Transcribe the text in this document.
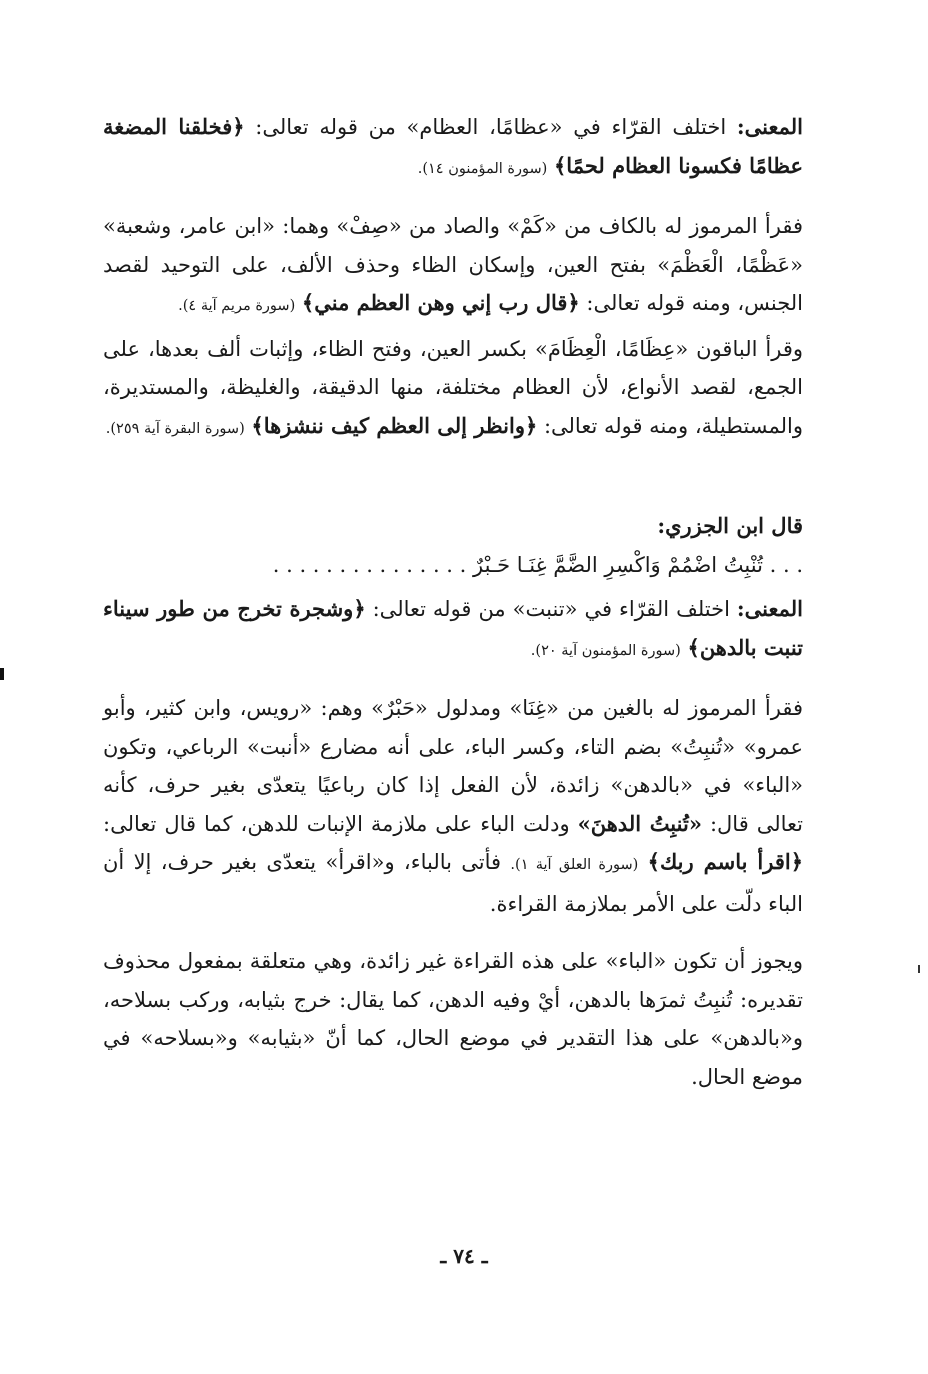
المعنى: اختلف القرّاء في «عظامًا، العظام» من قوله تعالى: ﴿فخلقنا المضغة عظامًا فكسونا العظام لحمًا﴾ (سورة المؤمنون ١٤).

فقرأ المرموز له بالكاف من «كَمْ» والصاد من «صِفْ» وهما: «ابن عامر، وشعبة» «عَظْمًا، الْعَظْمَ» بفتح العين، وإسكان الظاء وحذف الألف، على التوحيد لقصد الجنس، ومنه قوله تعالى: ﴿قال رب إني وهن العظم مني﴾ (سورة مريم آية ٤).

وقرأ الباقون «عِظَامًا، الْعِظَامَ» بكسر العين، وفتح الظاء، وإثبات ألف بعدها، على الجمع، لقصد الأنواع، لأن العظام مختلفة، منها الدقيقة، والغليظة، والمستديرة، والمستطيلة، ومنه قوله تعالى: ﴿وانظر إلى العظم كيف ننشزها﴾ (سورة البقرة آية ٢٥٩).

قال ابن الجزري:

. . . تُنْبِتُ اضْمُمْ وَاكْسِرِ الضَّمَّ غِنَـا حَـبْرٌ . . . . . . . . . . . . . . .

المعنى: اختلف القرّاء في «تنبت» من قوله تعالى: ﴿وشجرة تخرج من طور سيناء تنبت بالدهن﴾ (سورة المؤمنون آية ٢٠).

فقرأ المرموز له بالغين من «غِنَا» ومدلول «حَبْرٌ» وهم: «رويس، وابن كثير، وأبو عمرو» «تُنبِتُ» بضم التاء، وكسر الباء، على أنه مضارع «أنبت» الرباعي، وتكون «الباء» في «بالدهن» زائدة، لأن الفعل إذا كان رباعيًا يتعدّى بغير حرف، كأنه تعالى قال: «تُنبِتُ الدهنَ» ودلت الباء على ملازمة الإنبات للدهن، كما قال تعالى: ﴿اقرأ باسم ربك﴾ (سورة العلق آية ١). فأتى بالباء، و«اقرأ» يتعدّى بغير حرف، إلا أن الباء دلّت على الأمر بملازمة القراءة.

ويجوز أن تكون «الباء» على هذه القراءة غير زائدة، وهي متعلقة بمفعول محذوف تقديره: تُنبِتُ ثمرَها بالدهن، أيْ وفيه الدهن، كما يقال: خرج بثيابه، وركب بسلاحه، و«بالدهن» على هذا التقدير في موضع الحال، كما أنّ «بثيابه» و«بسلاحه» في موضع الحال.

ـ ٧٤ ـ
